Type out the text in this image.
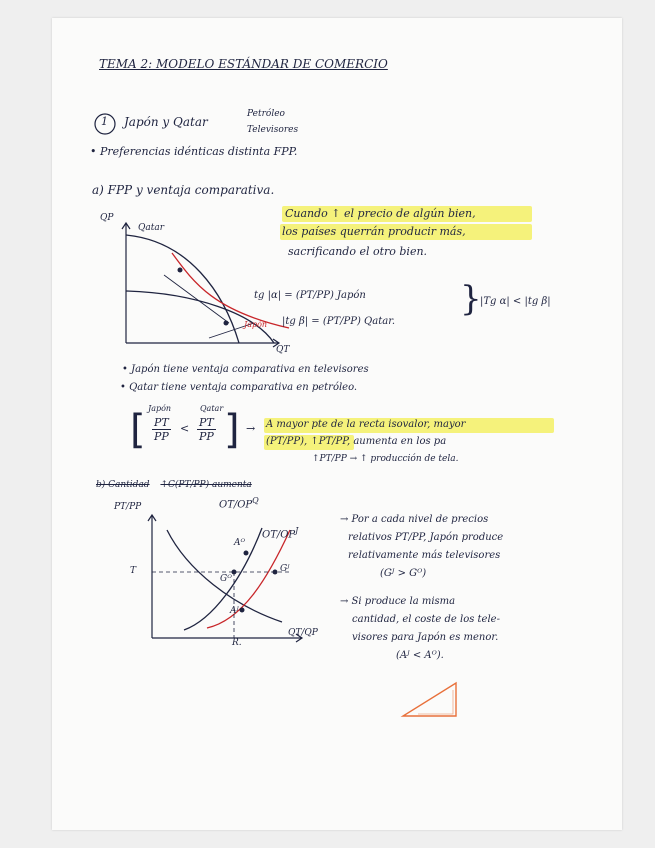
TEMA 2: MODELO ESTÁNDAR DE COMERCIO
1 Japón y Qatar
Petróleo
Televisores
• Preferencias idénticas distinta FPP.
a) FPP y ventaja comparativa.
Cuando ↑ el precio de algún bien,
los países querrán producir más,
sacrificando el otro bien.
QP
QT
Qatar
Japón
tg |α| = (PT/PP) Japón
|tg β| = (PT/PP) Qatar.
}
|Tg α| < |tg β|
• Japón tiene ventaja comparativa en televisores
• Qatar tiene ventaja comparativa en petróleo.
Japón	Qatar
[ $\frac{PT}{PP} < \frac{PT}{PP}$ ] → A mayor pte de la recta isovalor, mayor
(PT/PP), ↑PT/PP, aumenta en los pa
↑PT/PP → ↑ producción de tela.
b) Cantidad ↑C(PT/PP) aumenta
PT/PP
QT/QP
$OT/OP^Q$
$OT/OP^J$
Aᴼ
Gᴼ
Gᴶ
Aᴶ
T
R.
→ Por a cada nivel de precios
relativos PT/PP, Japón produce
relativamente más televisores
(Gᴶ > Gᴼ)
→ Si produce la misma
cantidad, el coste de los tele-
visores para Japón es menor.
(Aᴶ < Aᴼ).
